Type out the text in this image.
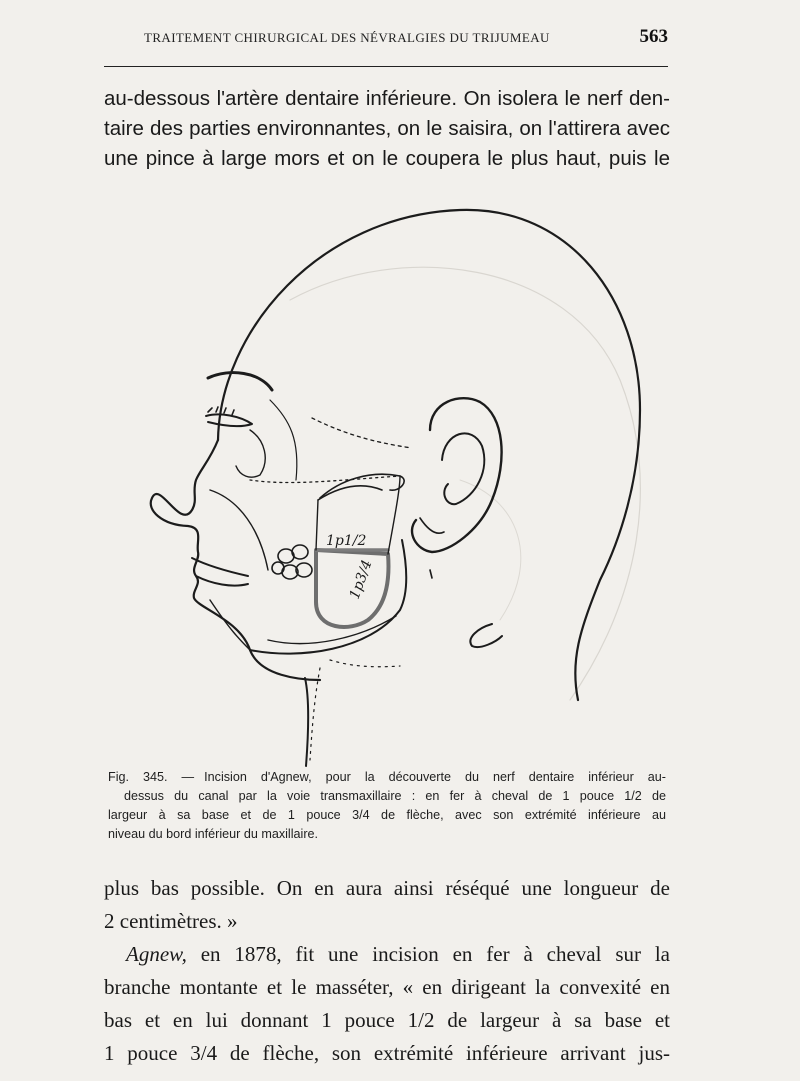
TRAITEMENT CHIRURGICAL DES NÉVRALGIES DU TRIJUMEAU	563
au-dessous l'artère dentaire inférieure. On isolera le nerf den-
taire des parties environnantes, on le saisira, on l'attirera avec
une pince à large mors et on le coupera le plus haut, puis le
1p1/2
1p3/4
c
Fig. 345. — Incision d'Agnew, pour la découverte du nerf dentaire inférieur au-
dessus du canal par la voie transmaxillaire : en fer à cheval de 1 pouce 1/2 de
largeur à sa base et de 1 pouce 3/4 de flèche, avec son extrémité inférieure au
niveau du bord inférieur du maxillaire.
plus bas possible. On en aura ainsi réséqué une longueur de
2 centimètres. »
Agnew, en 1878, fit une incision en fer à cheval sur la
branche montante et le masséter, « en dirigeant la convexité en
bas et en lui donnant 1 pouce 1/2 de largeur à sa base et
1 pouce 3/4 de flèche, son extrémité inférieure arrivant jus-
